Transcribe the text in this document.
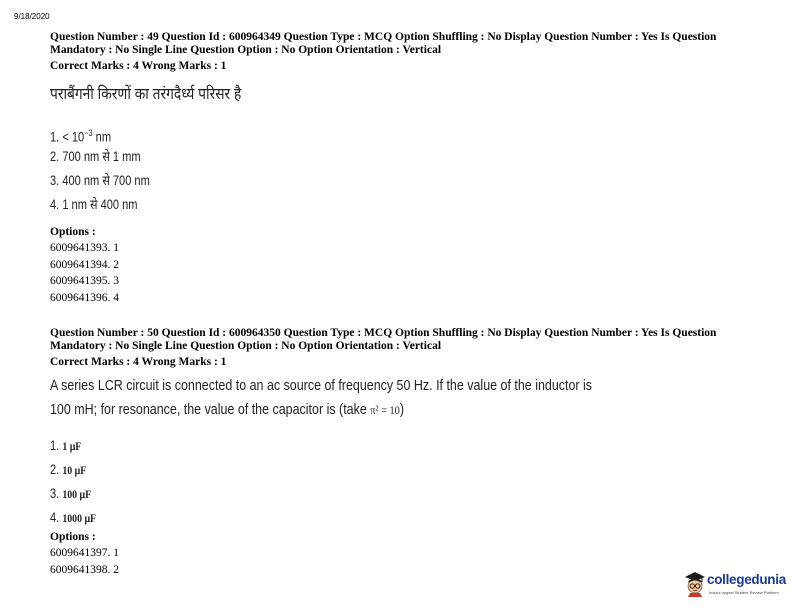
9/18/2020

Question Number : 49 Question Id : 600964349 Question Type : MCQ Option Shuffling : No Display Question Number : Yes Is Question

Mandatory : No Single Line Question Option : No Option Orientation : Vertical

Correct Marks : 4 Wrong Marks : 1

पराबैंगनी किरणों का तरंगदैर्ध्य परिसर है
1. < $10^{-3}$ nm
2. 700 nm से 1 mm
3. 400 nm से 700 nm
4. 1 nm से 400 nm

Options :

6009641393. 1

6009641394. 2

6009641395. 3

6009641396. 4

Question Number : 50 Question Id : 600964350 Question Type : MCQ Option Shuffling : No Display Question Number : Yes Is Question

Mandatory : No Single Line Question Option : No Option Orientation : Vertical

Correct Marks : 4 Wrong Marks : 1

A series LCR circuit is connected to an ac source of frequency 50 Hz. If the value of the inductor is
100 mH; for resonance, the value of the capacitor is (take π² = 10)
1. 1 μF
2. 10 μF
3. 100 μF
4. 1000 μF

Options :

6009641397. 1

6009641398. 2

collegedunia
India's largest Student Review Platform
